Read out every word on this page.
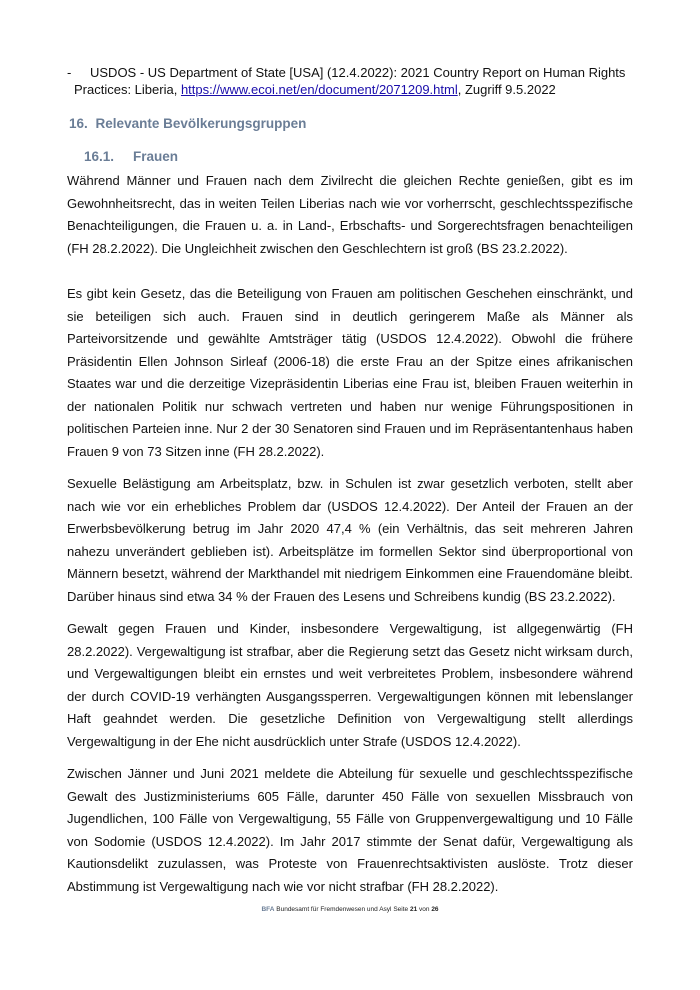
-	USDOS - US Department of State [USA] (12.4.2022): 2021 Country Report on Human Rights Practices: Liberia, https://www.ecoi.net/en/document/2071209.html, Zugriff 9.5.2022

16. Relevante Bevölkerungsgruppen
16.1. Frauen

Während Männer und Frauen nach dem Zivilrecht die gleichen Rechte genießen, gibt es im Gewohnheitsrecht, das in weiten Teilen Liberias nach wie vor vorherrscht, geschlechtsspezifische Benachteiligungen, die Frauen u. a. in Land-, Erbschafts- und Sorgerechtsfragen benachteiligen (FH 28.2.2022). Die Ungleichheit zwischen den Geschlechtern ist groß (BS 23.2.2022).

Es gibt kein Gesetz, das die Beteiligung von Frauen am politischen Geschehen einschränkt, und sie beteiligen sich auch. Frauen sind in deutlich geringerem Maße als Männer als Parteivorsitzende und gewählte Amtsträger tätig (USDOS 12.4.2022). Obwohl die frühere Präsidentin Ellen Johnson Sirleaf (2006-18) die erste Frau an der Spitze eines afrikanischen Staates war und die derzeitige Vizepräsidentin Liberias eine Frau ist, bleiben Frauen weiterhin in der nationalen Politik nur schwach vertreten und haben nur wenige Führungspositionen in politischen Parteien inne. Nur 2 der 30 Senatoren sind Frauen und im Repräsentantenhaus haben Frauen 9 von 73 Sitzen inne (FH 28.2.2022).

Sexuelle Belästigung am Arbeitsplatz, bzw. in Schulen ist zwar gesetzlich verboten, stellt aber nach wie vor ein erhebliches Problem dar (USDOS 12.4.2022). Der Anteil der Frauen an der Erwerbsbevölkerung betrug im Jahr 2020 47,4 % (ein Verhältnis, das seit mehreren Jahren nahezu unverändert geblieben ist). Arbeitsplätze im formellen Sektor sind überproportional von Männern besetzt, während der Markthandel mit niedrigem Einkommen eine Frauendomäne bleibt. Darüber hinaus sind etwa 34 % der Frauen des Lesens und Schreibens kundig (BS 23.2.2022).

Gewalt gegen Frauen und Kinder, insbesondere Vergewaltigung, ist allgegenwärtig (FH 28.2.2022). Vergewaltigung ist strafbar, aber die Regierung setzt das Gesetz nicht wirksam durch, und Vergewaltigungen bleibt ein ernstes und weit verbreitetes Problem, insbesondere während der durch COVID-19 verhängten Ausgangssperren. Vergewaltigungen können mit lebenslanger Haft geahndet werden. Die gesetzliche Definition von Vergewaltigung stellt allerdings Vergewaltigung in der Ehe nicht ausdrücklich unter Strafe (USDOS 12.4.2022).

Zwischen Jänner und Juni 2021 meldete die Abteilung für sexuelle und geschlechtsspezifische Gewalt des Justizministeriums 605 Fälle, darunter 450 Fälle von sexuellen Missbrauch von Jugendlichen, 100 Fälle von Vergewaltigung, 55 Fälle von Gruppenvergewaltigung und 10 Fälle von Sodomie (USDOS 12.4.2022). Im Jahr 2017 stimmte der Senat dafür, Vergewaltigung als Kautionsdelikt zuzulassen, was Proteste von Frauenrechtsaktivisten auslöste. Trotz dieser Abstimmung ist Vergewaltigung nach wie vor nicht strafbar (FH 28.2.2022).

BFA Bundesamt für Fremdenwesen und Asyl Seite 21 von 26
